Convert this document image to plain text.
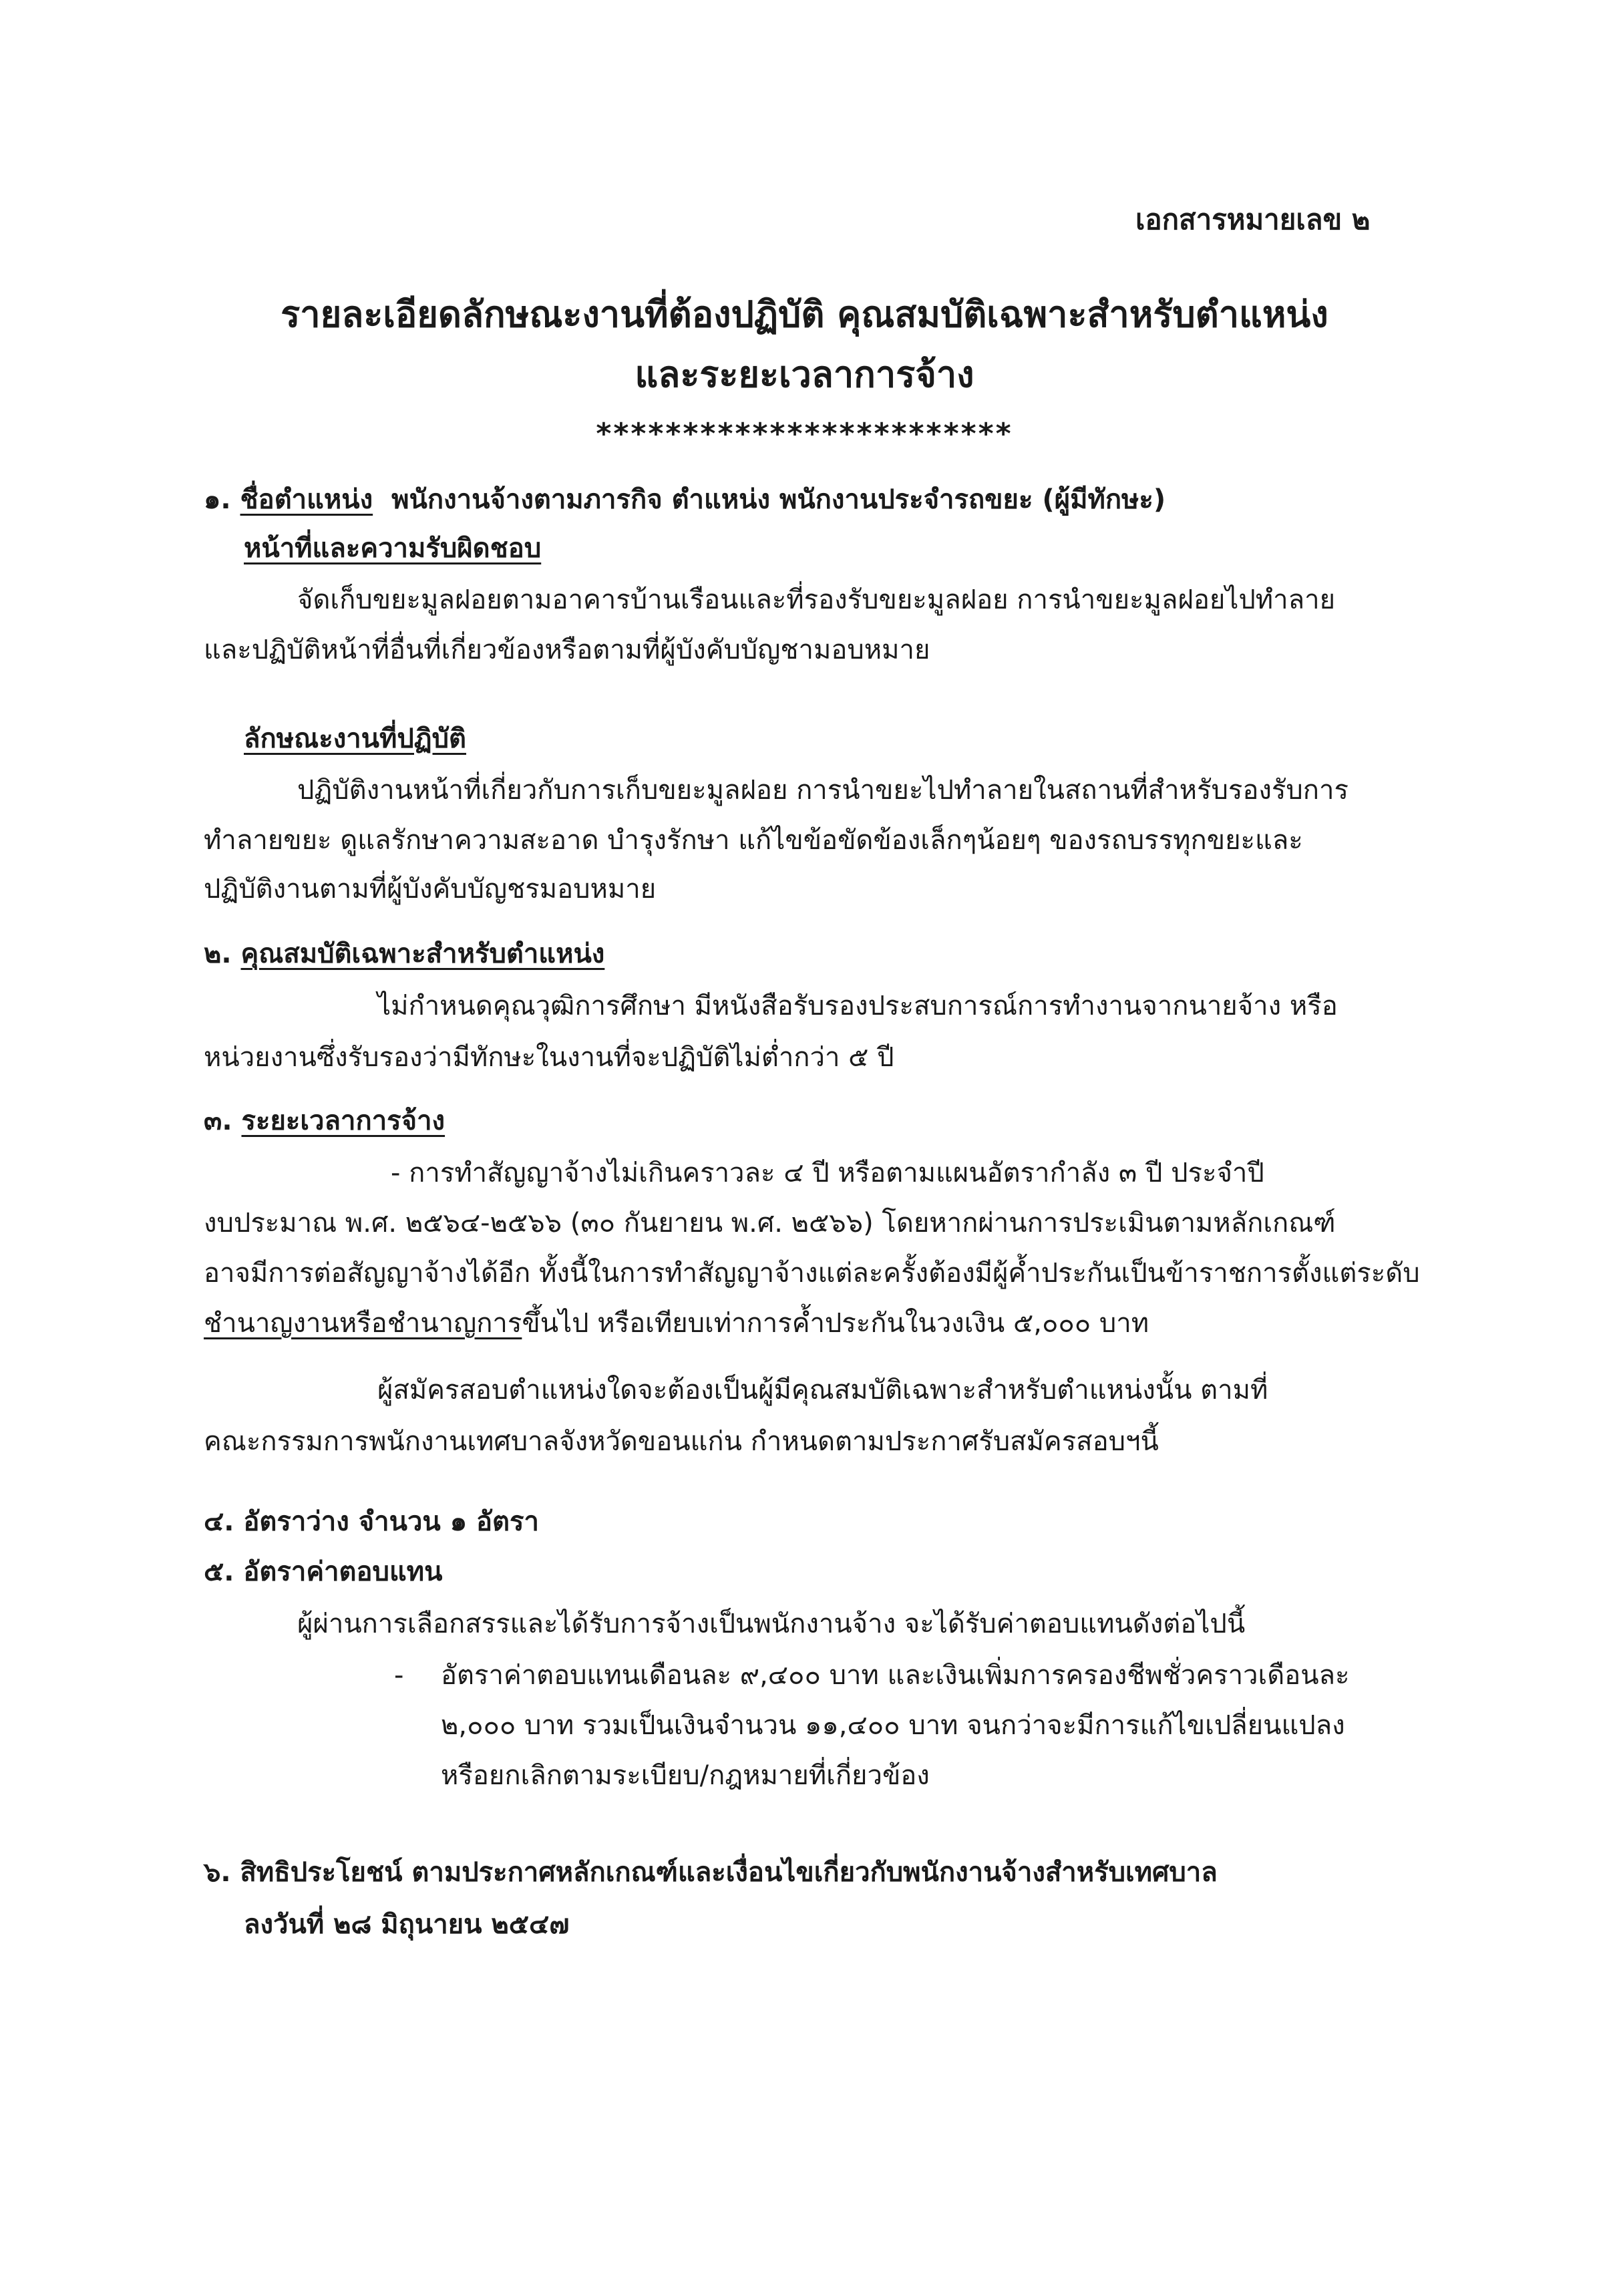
เอกสารหมายเลข ๒
รายละเอียดลักษณะงานที่ต้องปฏิบัติ คุณสมบัติเฉพาะสำหรับตำแหน่ง
และระยะเวลาการจ้าง
************************
๑. ชื่อตำแหน่ง พนักงานจ้างตามภารกิจ ตำแหน่ง พนักงานประจำรถขยะ (ผู้มีทักษะ)
หน้าที่และความรับผิดชอบ
จัดเก็บขยะมูลฝอยตามอาคารบ้านเรือนและที่รองรับขยะมูลฝอย การนำขยะมูลฝอยไปทำลาย
และปฏิบัติหน้าที่อื่นที่เกี่ยวข้องหรือตามที่ผู้บังคับบัญชามอบหมาย
ลักษณะงานที่ปฏิบัติ
ปฏิบัติงานหน้าที่เกี่ยวกับการเก็บขยะมูลฝอย การนำขยะไปทำลายในสถานที่สำหรับรองรับการ
ทำลายขยะ ดูแลรักษาความสะอาด บำรุงรักษา แก้ไขข้อขัดข้องเล็กๆน้อยๆ ของรถบรรทุกขยะและ
ปฏิบัติงานตามที่ผู้บังคับบัญชรมอบหมาย
๒. คุณสมบัติเฉพาะสำหรับตำแหน่ง
ไม่กำหนดคุณวุฒิการศึกษา มีหนังสือรับรองประสบการณ์การทำงานจากนายจ้าง หรือ
หน่วยงานซึ่งรับรองว่ามีทักษะในงานที่จะปฏิบัติไม่ต่ำกว่า ๕ ปี
๓. ระยะเวลาการจ้าง
- การทำสัญญาจ้างไม่เกินคราวละ ๔ ปี หรือตามแผนอัตรากำลัง ๓ ปี ประจำปี
งบประมาณ พ.ศ. ๒๕๖๔-๒๕๖๖ (๓๐ กันยายน พ.ศ. ๒๕๖๖) โดยหากผ่านการประเมินตามหลักเกณฑ์
อาจมีการต่อสัญญาจ้างได้อีก ทั้งนี้ในการทำสัญญาจ้างแต่ละครั้งต้องมีผู้ค้ำประกันเป็นข้าราชการตั้งแต่ระดับ
ชำนาญงานหรือชำนาญการขึ้นไป หรือเทียบเท่าการค้ำประกันในวงเงิน ๕,๐๐๐ บาท
ผู้สมัครสอบตำแหน่งใดจะต้องเป็นผู้มีคุณสมบัติเฉพาะสำหรับตำแหน่งนั้น ตามที่
คณะกรรมการพนักงานเทศบาลจังหวัดขอนแก่น กำหนดตามประกาศรับสมัครสอบฯนี้
๔. อัตราว่าง จำนวน ๑ อัตรา
๕. อัตราค่าตอบแทน
ผู้ผ่านการเลือกสรรและได้รับการจ้างเป็นพนักงานจ้าง จะได้รับค่าตอบแทนดังต่อไปนี้
- อัตราค่าตอบแทนเดือนละ ๙,๔๐๐ บาท และเงินเพิ่มการครองชีพชั่วคราวเดือนละ
๒,๐๐๐ บาท รวมเป็นเงินจำนวน ๑๑,๔๐๐ บาท จนกว่าจะมีการแก้ไขเปลี่ยนแปลง
หรือยกเลิกตามระเบียบ/กฎหมายที่เกี่ยวข้อง
๖. สิทธิประโยชน์ ตามประกาศหลักเกณฑ์และเงื่อนไขเกี่ยวกับพนักงานจ้างสำหรับเทศบาล
ลงวันที่ ๒๘ มิถุนายน ๒๕๔๗
